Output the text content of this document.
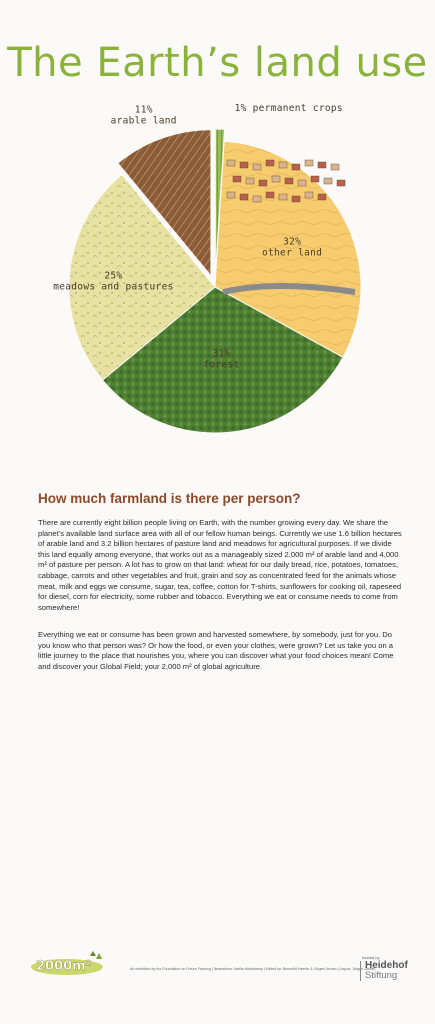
The Earth’s land use
1% permanent crops
32% other land
31% forest
25% meadows and pastures
11% arable land
How much farmland is there per person?

There are currently eight billion people living on Earth, with the number growing every day. We share the planet’s available land surface area with all of our fellow human beings. Currently we use 1.6 billion hectares of arable land and 3.2 billion hectares of pasture land and meadows for agricultural purposes. If we divide this land equally among everyone, that works out as a manageably sized 2,000 m² of arable land and 4,000 m² of pasture per person. A lot has to grow on that land: wheat for our daily bread, rice, potatoes, tomatoes, cabbage, carrots and other vegetables and fruit, grain and soy as concentrated feed for the animals whose meat, milk and eggs we consume, sugar, tea, coffee, cotton for T-shirts, sunflowers for cooking oil, rapeseed for diesel, corn for electricity, some rubber and tobacco. Everything we eat or consume needs to come from somewhere!

Everything we eat or consume has been grown and harvested somewhere, by somebody, just for you. Do you know who that person was? Or how the food, or even your clothes, were grown? Let us take you on a little journey to the place that nourishes you, where you can discover what your food choices mean! Come and discover your Global Field; your 2,000 m² of global agriculture.

2000m²	An exhibition by the Foundation on Future Farming | Illustrations: Iswilla Heidekamp | Edited by: Benedikt Haerlin & Jürgen Jordan | Layout: Jürgen Jordan
funded by
Heidehof
Stiftung
